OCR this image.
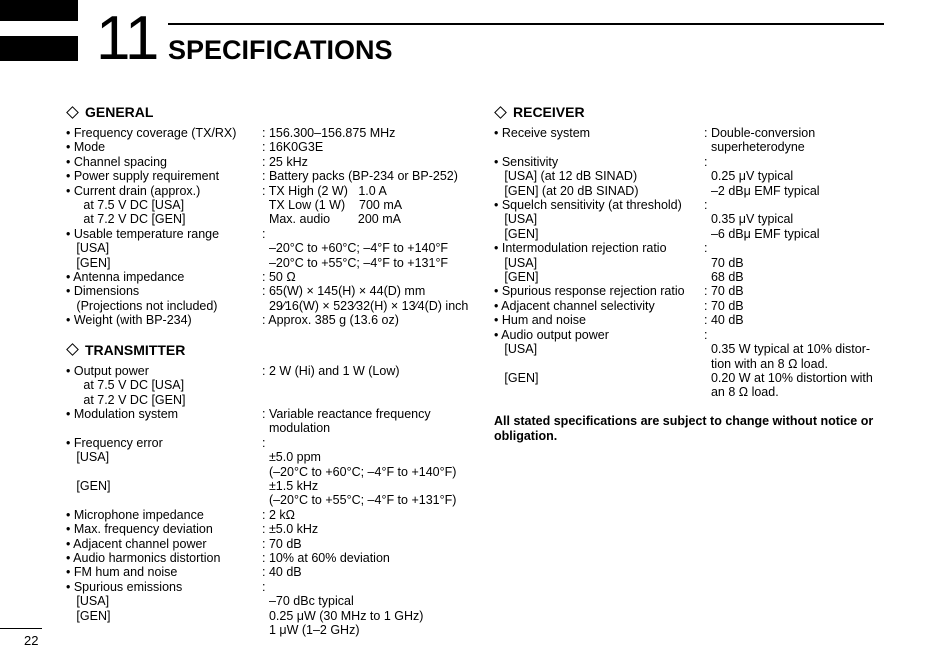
11 SPECIFICATIONS
GENERAL
• Frequency coverage (TX/RX)	: 156.300–156.875 MHz
• Mode	: 16K0G3E
• Channel spacing	: 25 kHz
• Power supply requirement	: Battery packs (BP-234 or BP-252)
• Current drain (approx.)	: TX High (2 W)   1.0 A
at 7.5 V DC [USA]	TX Low (1 W)    700 mA
at 7.2 V DC [GEN]	Max. audio        200 mA
• Usable temperature range	:
[USA]	–20°C to +60°C; –4°F to +140°F
[GEN]	–20°C to +55°C; –4°F to +131°F
• Antenna impedance	: 50 Ω
• Dimensions	: 65(W) × 145(H) × 44(D) mm
(Projections not included)	29⁄16(W) × 523⁄32(H) × 13⁄4(D) inch
• Weight (with BP-234)	: Approx. 385 g (13.6 oz)
TRANSMITTER
• Output power	: 2 W (Hi) and 1 W (Low)
at 7.5 V DC [USA]
at 7.2 V DC [GEN]
• Modulation system	: Variable reactance frequency
modulation
• Frequency error	:
[USA]	±5.0 ppm
(–20°C to +60°C; –4°F to +140°F)
[GEN]	±1.5 kHz
(–20°C to +55°C; –4°F to +131°F)
• Microphone impedance	: 2 kΩ
• Max. frequency deviation	: ±5.0 kHz
• Adjacent channel power	: 70 dB
• Audio harmonics distortion	: 10% at 60% deviation
• FM hum and noise	: 40 dB
• Spurious emissions	:
[USA]	–70 dBc typical
[GEN]	0.25 μW (30 MHz to 1 GHz)
1 μW (1–2 GHz)
RECEIVER
• Receive system	: Double-conversion
superheterodyne
• Sensitivity	:
[USA] (at 12 dB SINAD)	0.25 μV typical
[GEN] (at 20 dB SINAD)	–2 dBμ EMF typical
• Squelch sensitivity (at threshold)	:
[USA]	0.35 μV typical
[GEN]	–6 dBμ EMF typical
• Intermodulation rejection ratio	:
[USA]	70 dB
[GEN]	68 dB
• Spurious response rejection ratio	: 70 dB
• Adjacent channel selectivity	: 70 dB
• Hum and noise	: 40 dB
• Audio output power	:
[USA]	0.35 W typical at 10% distor-
tion with an 8 Ω load.
[GEN]	0.20 W at 10% distortion with
an 8 Ω load.
All stated specifications are subject to change without notice or obligation.
22
